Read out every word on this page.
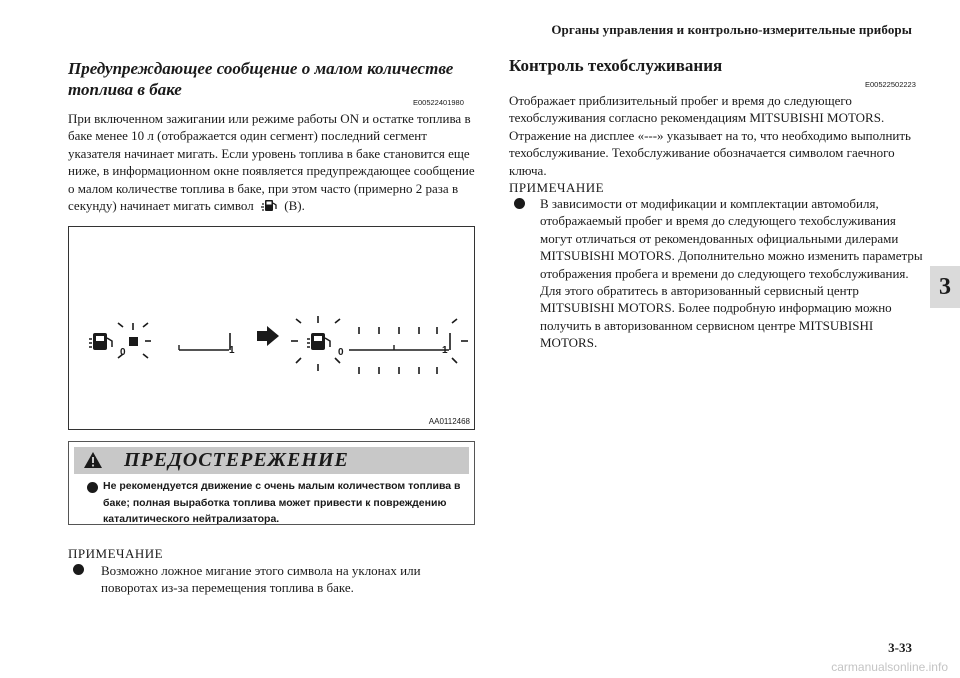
Органы управления и контрольно-измерительные приборы
3
Предупреждающее сообщение о малом количестве топлива в баке
E00522401980
При включенном зажигании или режиме работы ON и остатке топлива в баке менее 10 л (отображается один сегмент) последний сегмент указателя начинает мигать. Если уровень топлива в баке становится еще ниже, в информационном окне появляется предупреждающее сообщение о малом количестве топлива в баке, при этом часто (примерно 2 раза в секунду) начинает мигать символ (B).
0	1	0	1
AA0112468
ПРЕДОСТЕРЕЖЕНИЕ
Не рекомендуется движение с очень малым количеством топлива в баке; полная выработка топлива может привести к повреждению каталитического нейтрализатора.
ПРИМЕЧАНИЕ
Возможно ложное мигание этого символа на уклонах или поворотах из-за перемещения топлива в баке.
Контроль техобслуживания
E00522502223
Отображает приблизительный пробег и время до следующего техобслуживания согласно рекомендациям MITSUBISHI MOTORS. Отражение на дисплее «---» указывает на то, что необходимо выполнить техобслуживание. Техобслуживание обозначается символом гаечного ключа.
ПРИМЕЧАНИЕ
В зависимости от модификации и комплектации автомобиля, отображаемый пробег и время до следующего техобслуживания могут отличаться от рекомендованных официальными дилерами MITSUBISHI MOTORS. Дополнительно можно изменить параметры отображения пробега и времени до следующего техобслуживания. Для этого обратитесь в авторизованный сервисный центр MITSUBISHI MOTORS. Более подробную информацию можно получить в авторизованном сервисном центре MITSUBISHI MOTORS.
3-33
carmanualsonline.info
